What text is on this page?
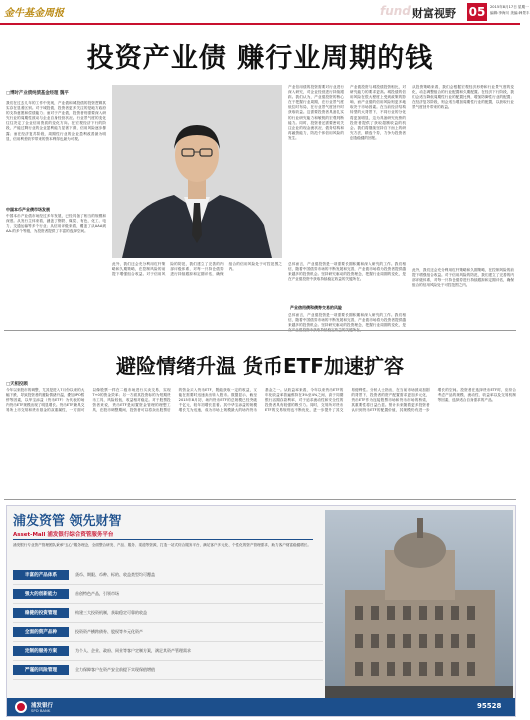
金牛基金周报	fund 财富视野 05	2015年8月17日 星期一
编辑:李海川 美编:韩景丰
投资产业债 赚行业周期的钱
□博时产业债纯债基金经理 魏平
我们在过去几年的工作中发现，产业债和城投债的投资逻辑其实存在显著区别。对于城投债，投资者更多关注的是地方政府的支持意愿和偿债能力；而对于产业债，投资者则需要深入研究行业的周期性波动与企业自身经营状况。行业景气度的变化往往决定了企业信用资质的变化方向。在宏观经济下行的阶段，产能过剩行业的企业盈利能力显著下滑，信用风险逐步暴露；而在经济复苏阶段，周期性行业的企业盈利改善最为明显，信用利差收窄带来的资本利得也最为可观。
中国本币产业债市场发展
中国本币产业债市场经过多年发展，已经具备了相当的规模和深度。从发行主体来看，涵盖了钢铁、煤炭、有色、化工、电力、交通运输等多个行业；从信用评级来看，覆盖了从AAA到AA-的多个等级，为投资者提供了丰富的选择空间。
产业信用债的投资需要对行业进行深入研究，对企业经营进行持续跟踪。我们认为，产业债投资的核心在于把握行业周期，在行业景气度低位时布局，在行业景气度回升时获取收益。这需要投资者具备扎实的行业研究能力和敏锐的宏观判断能力。同时，投资者还需要密切关注企业的现金流状况、债务结构和再融资能力，防范个体信用风险的发生。
产业债投资与城投债投资相比，对研究能力的要求更高。城投债的信用风险在很大程度上受到政策的影响，而产业债的信用风险则更多地取决于市场因素。在当前经济结构转型的大背景下，不同行业的分化将更加明显，这为具备研究优势的投资者提供了获取超额收益的机会。我们将继续坚持自下而上的研究方法，精选个券，力争为投资者创造稳健的回报。
从投资策略来看，我们会根据宏观经济形势和行业景气度的变化，动态调整组合的行业配置和久期配置。在经济下行阶段，我们会适当降低周期性行业的配置比例，增加防御性行业的配置；在经济复苏阶段，则会适当增加周期性行业的配置，以获取行业景气度回升带来的收益。
此外，我们还会充分利用杠杆策略和久期策略，在控制风险的前提下增强组合收益。对于信用风险的防范，我们建立了完善的内部评级体系，对每一只持仓债券进行持续跟踪和定期评估，确保组合的信用风险处于可控范围之内。
总体而言，产业债投资是一项需要长期积累和深入研究的工作。我们相信，随着中国债券市场的不断发展和完善，产业债市场将为投资者提供越来越多的投资机会。坚持研究驱动的投资理念，把握行业周期的变化，是在产业债投资中获取持续稳定收益的关键所在。
产业信用债和债券交易的风险
总体而言，产业债投资是一项需要长期积累和深入研究的工作。我们相信，随着中国债券市场的不断发展和完善，产业债市场将为投资者提供越来越多的投资机会。坚持研究驱动的投资理念，把握行业周期的变化，是
此外，我们还会充分利用杠杆策略和久期策略，在控制风险的前提下增强组合收益。对于信用风险的防范，我们建立了完善的内部评级体系，对每一只持仓债券进行持续跟踪和定期评估，确保组合的信用风险处于可控范围之内。
避险情绪升温 货币ETF加速扩容
□天相投顾
今年以来股市的调整，尤其是进入7月份以来的大幅下跌，导致投资者的避险情绪升温，叠加IPO暂停等因素，以华宝添益（货币ETF）为代表的场内货币ETF规模出现了明显增长。货币ETF兼具交易所上市交易和货币基金的双重属性，一方面可以像股票一样在二级市场进行买卖交易，实现T+0的资金效率；另一方面其投资标的为短期货币工具，风险较低，收益相对稳定。对于股票投资者来说，货币ETF是闲置资金管理的理想工具，在股市调整期间，投资者可以将卖出股票后的资金买入货币ETF，既能获取一定的收益，又能在需要时迅速卖出转入股市。数据显示，截至2015年8月初，场内货币ETF的总规模已经突破千亿元，较年初增长显著。其中华宝添益的规模增长尤为迅速，成为市场上规模最大的场内货币基金之一。从收益率来看，今年以来货币ETF的年化收益率普遍维持在3%至4%之间，高于同期银行活期存款利率，对于追求流动性和安全性的投资者具有较强的吸引力。同时，交易所对货币ETF的交易规则也不断优化，进一步提升了其交易便利性。分析人士指出，在当前市场波动加剧的背景下，投资者的资产配置需求更加多元化，货币ETF作为连接股票市场和货币市场的桥梁，其重要性将日益凸显。预计未来随着更多投资者认识到货币ETF的配置价值，其规模仍有进一步增长的空间。投资者在选择货币ETF时，应综合考虑产品的规模、流动性、收益率以及交易机制等因素，选择适合自身需求的产品。
浦发资管 领先财智
Asset-Mall 浦发银行综合资管服务平台
浦发银行专业资产管理团队秉承"五心"服务理念，全面整合研发、产品、服务、渠道等资源，打造一站式综合服务平台，满足客户多元化、个性化的资产管理需求，助力客户财富稳健增长。
丰富的产品体系	货币、期限、币种、标的、收益类型均可覆盖
强大的创新能力	首创特色产品，引领市场
稳健的投资管理	构建三大投资机制，获取稳定可靠的收益
全面的资产品种	投资资产横跨债券、股权等多元化资产
定制的服务方案	为个人、企业、政府、同业等客户定制方案，满足其资产管理需求
严谨的风险管理	全力保障客户在资产安全前提下实现保值增值
浦发银行
SPD BANK
95528
